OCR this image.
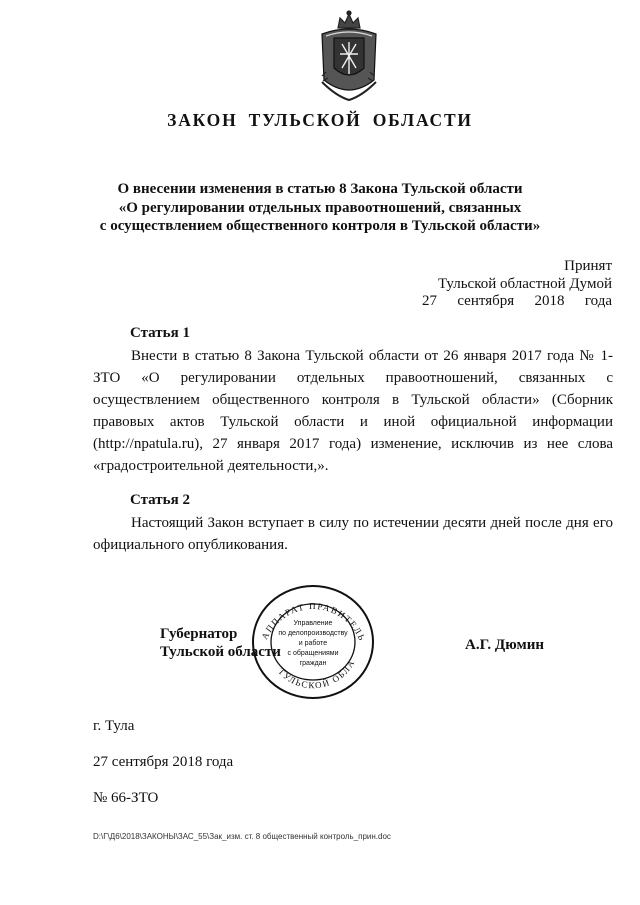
ЗАКОН ТУЛЬСКОЙ ОБЛАСТИ
О внесении изменения в статью 8 Закона Тульской области
«О регулировании отдельных правоотношений, связанных
с осуществлением общественного контроля в Тульской области»
Принят
Тульской областной Думой
27 сентября 2018 года
Статья 1
Внести в статью 8 Закона Тульской области от 26 января 2017 года № 1-ЗТО «О регулировании отдельных правоотношений, связанных с осуществлением общественного контроля в Тульской области» (Сборник правовых актов Тульской области и иной официальной информации (http://npatula.ru), 27 января 2017 года) изменение, исключив из нее слова «градостроительной деятельности,».
Статья 2
Настоящий Закон вступает в силу по истечении десяти дней после дня его официального опубликования.
АППАРАТ ПРАВИТЕЛЬ
ТУЛЬСКОЙ ОБЛА
Управление
по делопроизводству
и работе
с обращениями
граждан
Губернатор
Тульской области	А.Г. Дюмин
г. Тула
27 сентября 2018 года
№ 66-ЗТО
D:\Г\Д6\2018\ЗАКОНЫ\ЗАС_55\Зак_изм. ст. 8 общественный контроль_прин.doc
